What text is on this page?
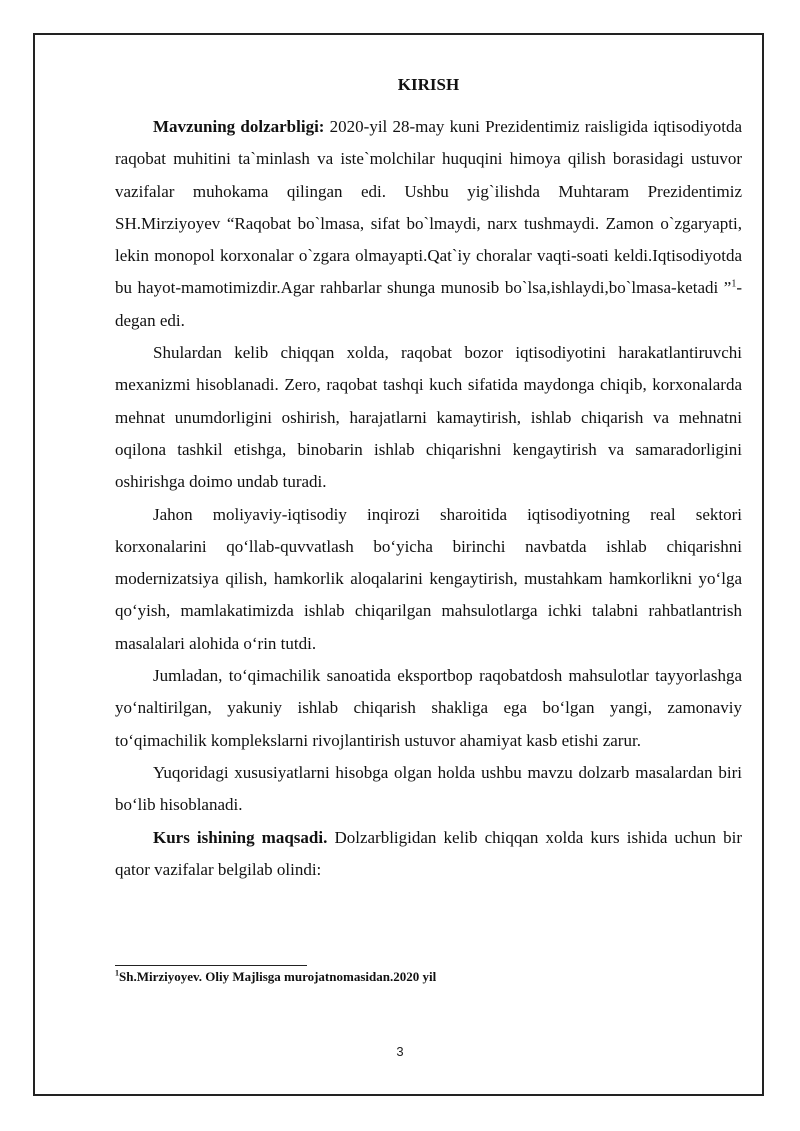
KIRISH

Mavzuning dolzarbligi: 2020-yil 28-may kuni Prezidentimiz raisligida iqtisodiyotda raqobat muhitini ta`minlash va iste`molchilar huquqini himoya qilish borasidagi ustuvor vazifalar muhokama qilingan edi. Ushbu yig`ilishda Muhtaram Prezidentimiz SH.Mirziyoyev “Raqobat bo`lmasa, sifat bo`lmaydi, narx tushmaydi. Zamon o`zgaryapti, lekin monopol korxonalar o`zgara olmayapti.Qat`iy choralar vaqti-soati keldi.Iqtisodiyotda bu hayot-mamotimizdir.Agar rahbarlar shunga munosib bo`lsa,ishlaydi,bo`lmasa-ketadi ”$^1$- degan edi.

Shulardan kelib chiqqan xolda, raqobat bozor iqtisodiyotini harakatlantiruvchi mexanizmi hisoblanadi. Zero, raqobat tashqi kuch sifatida maydonga chiqib, korxonalarda mehnat unumdorligini oshirish, harajatlarni kamaytirish, ishlab chiqarish va mehnatni oqilona tashkil etishga, binobarin ishlab chiqarishni kengaytirish va samaradorligini oshirishga doimo undab turadi.

Jahon moliyaviy-iqtisodiy inqirozi sharoitida iqtisodiyotning real sektori korxonalarini qo‘llab-quvvatlash bo‘yicha birinchi navbatda ishlab chiqarishni modernizatsiya qilish, hamkorlik aloqalarini kengaytirish, mustahkam hamkorlikni yo‘lga qo‘yish, mamlakatimizda ishlab chiqarilgan mahsulotlarga ichki talabni rahbatlantrish masalalari alohida o‘rin tutdi.

Jumladan, to‘qimachilik sanoatida eksportbop raqobatdosh mahsulotlar tayyorlashga yo‘naltirilgan, yakuniy ishlab chiqarish shakliga ega bo‘lgan yangi, zamonaviy to‘qimachilik komplekslarni rivojlantirish ustuvor ahamiyat kasb etishi zarur.

Yuqoridagi xususiyatlarni hisobga olgan holda ushbu mavzu dolzarb masalardan biri bo‘lib hisoblanadi.

Kurs ishining maqsadi. Dolzarbligidan kelib chiqqan xolda kurs ishida uchun bir qator vazifalar belgilab olindi:

$^1$Sh.Mirziyoyev. Oliy Majlisga murojatnomasidan.2020 yil
3
